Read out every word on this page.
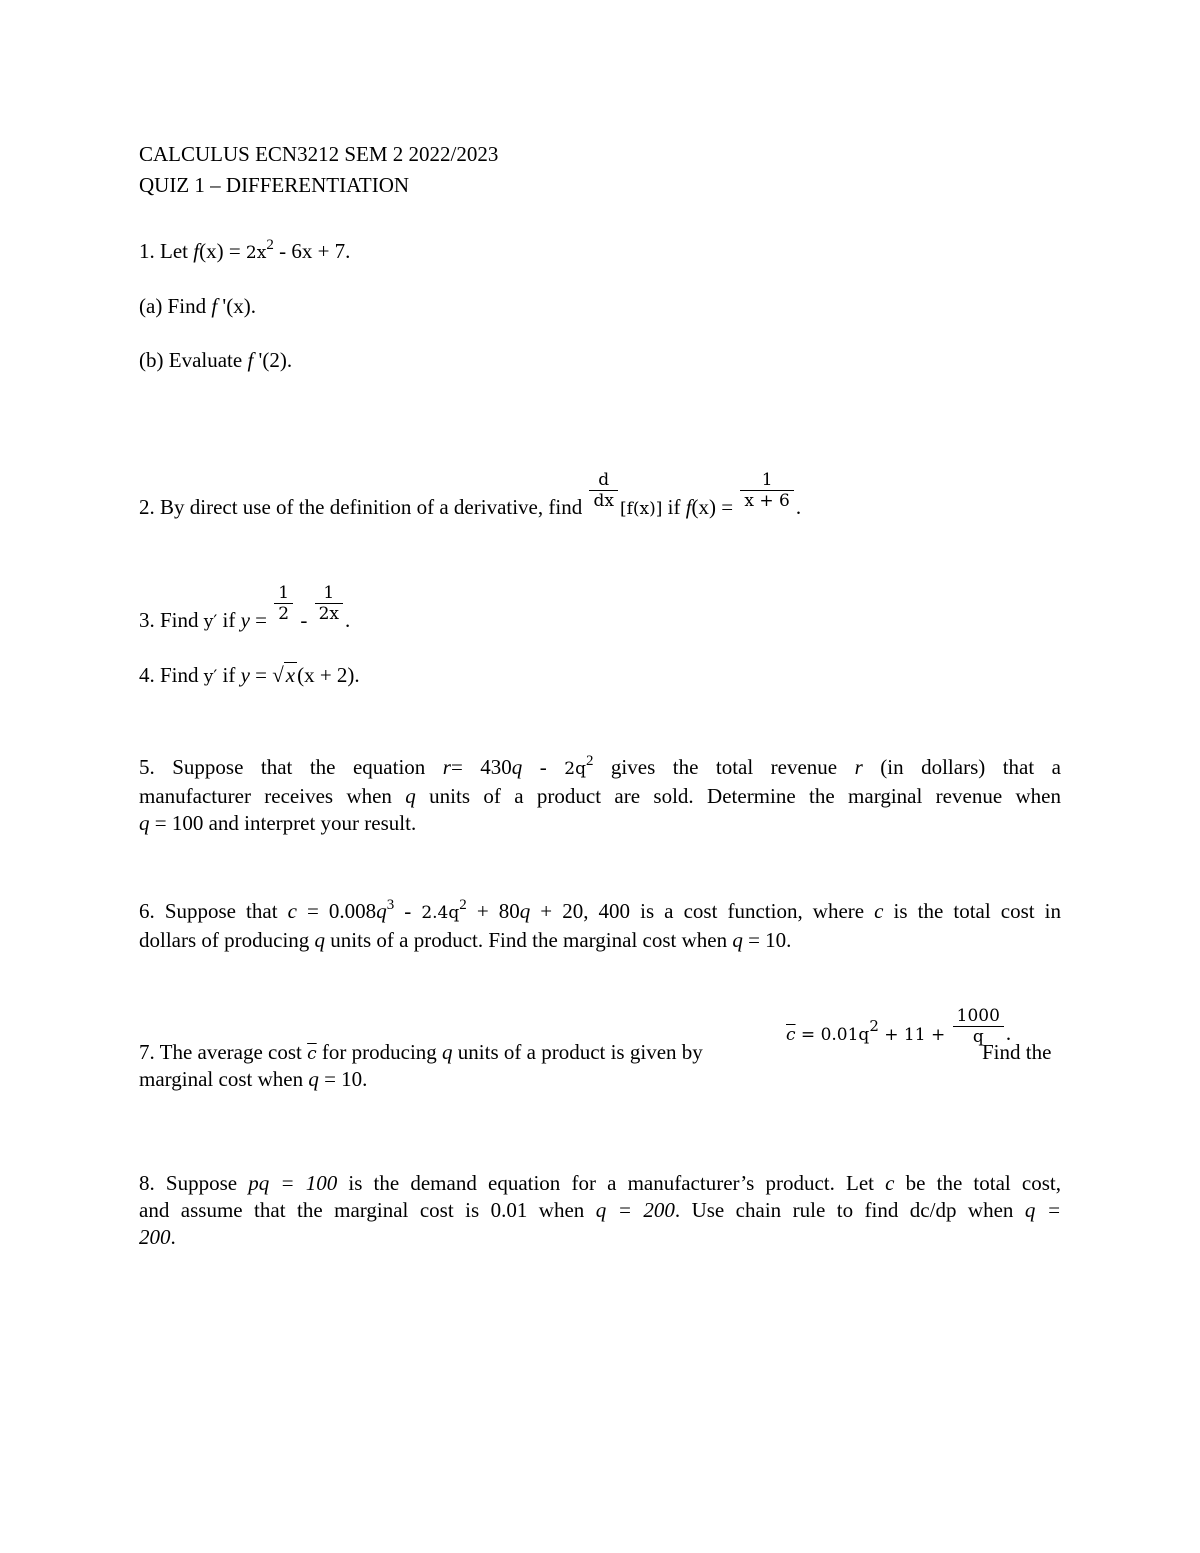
CALCULUS ECN3212 SEM 2 2022/2023
QUIZ 1 – DIFFERENTIATION
1. Let $f(x) = 2x^2 - 6x + 7$.
(a) Find f '(x).
(b) Evaluate f '(2).
2. By direct use of the definition of a derivative, find $\frac{d}{dx} [f(x)]$ if $f(x) = \frac{1}{x + 6}$ .
3. Find y′ if $y = \frac{1}{2} - \frac{1}{2x}$ .
4. Find y′ if y = √x(x + 2).
5. Suppose that the equation $r= 430q - 2q^2$ gives the total revenue r (in dollars) that a
manufacturer receives when q units of a product are sold. Determine the marginal revenue when
q = 100 and interpret your result.
6. Suppose that $c = 0.008q^3 - 2.4q^2 + 80q + 20$, 400 is a cost function, where c is the total cost in
dollars of producing q units of a product. Find the marginal cost when q = 10.
$\overline{c} = 0.01q^2 + 11 + \frac{1000}{q}$ .
7. The average cost $\overline{c}$ for producing q units of a product is given by	Find the
marginal cost when q = 10.
8. Suppose pq = 100 is the demand equation for a manufacturer’s product. Let c be the total cost,
and assume that the marginal cost is 0.01 when q = 200. Use chain rule to find dc/dp when q =
200.
